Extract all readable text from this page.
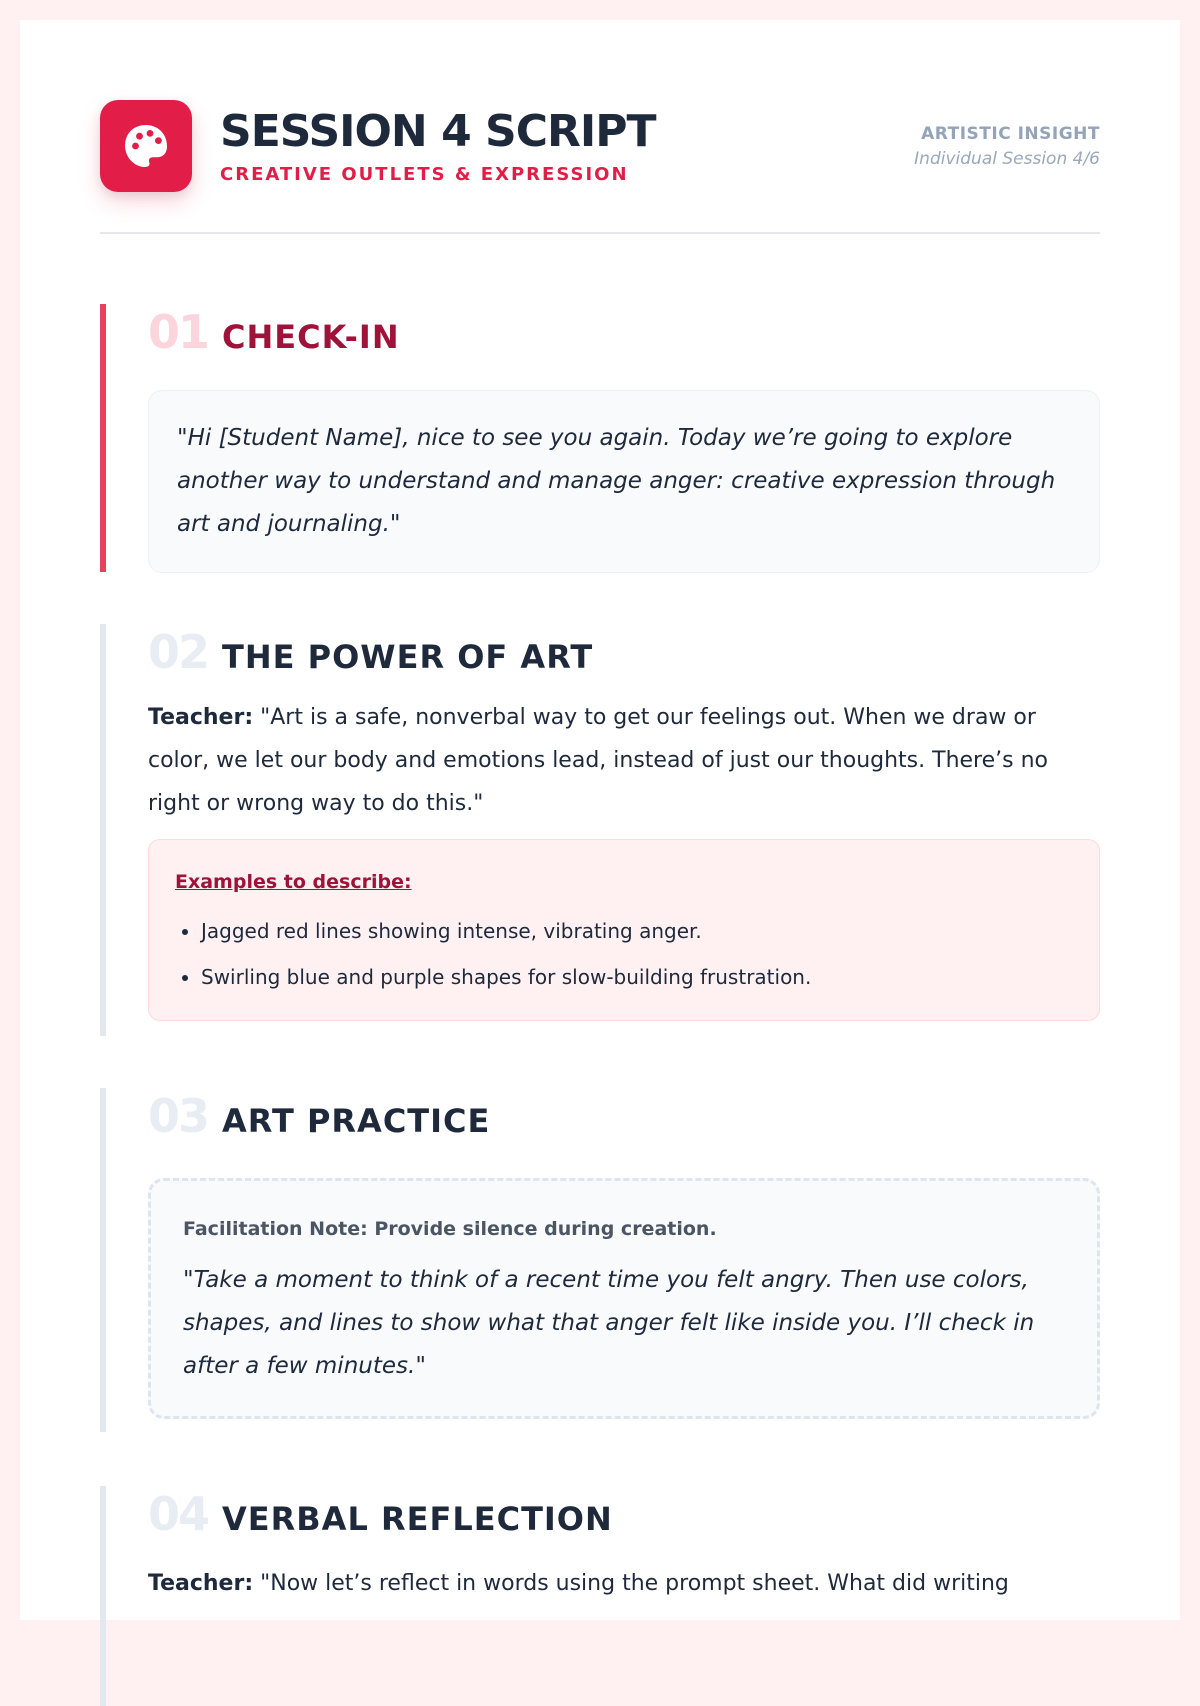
SESSION 4 SCRIPT
CREATIVE OUTLETS & EXPRESSION
ARTISTIC INSIGHT
Individual Session 4/6
01 CHECK-IN
"Hi [Student Name], nice to see you again. Today we’re going to explore another way to understand and manage anger: creative expression through art and journaling."
02 THE POWER OF ART
Teacher: "Art is a safe, nonverbal way to get our feelings out. When we draw or color, we let our body and emotions lead, instead of just our thoughts. There’s no right or wrong way to do this."
Examples to describe:
• Jagged red lines showing intense, vibrating anger.
• Swirling blue and purple shapes for slow-building frustration.
03 ART PRACTICE
Facilitation Note: Provide silence during creation.
"Take a moment to think of a recent time you felt angry. Then use colors, shapes, and lines to show what that anger felt like inside you. I’ll check in after a few minutes."
04 VERBAL REFLECTION
Teacher: "Now let’s reflect in words using the prompt sheet. What did writing
